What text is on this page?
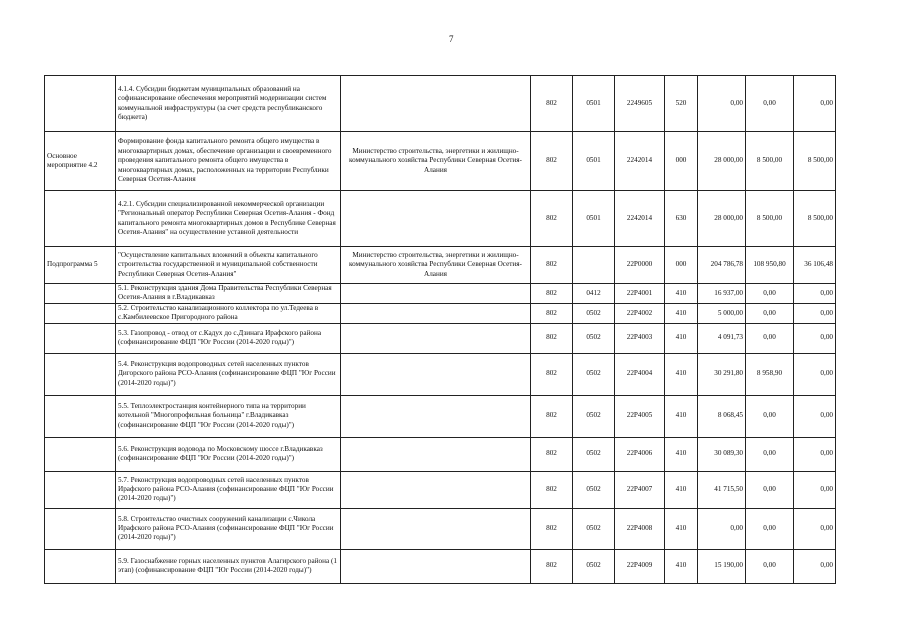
7
	4.1.4. Субсидии бюджетам муниципальных образований на софинансирование обеспечения мероприятий модернизации систем коммунальной инфраструктуры (за счет средств республиканского бюджета)		802	0501	2249605	520	0,00	0,00	0,00
Основное мероприятие 4.2	Формирование фонда капитального ремонта общего имущества в многоквартирных домах, обеспечение организации и своевременного проведения капитального ремонта общего имущества в многоквартирных домах, расположенных на территории Республики Северная Осетия-Алания	Министерство строительства, энергетики и жилищно-коммунального хозяйства Республики Северная Осетия-Алания	802	0501	2242014	000	28 000,00	8 500,00	8 500,00
	4.2.1. Субсидии специализированной некоммерческой организации "Региональный оператор Республики Северная Осетия-Алания - Фонд капитального ремонта многоквартирных домов в Республике Северная Осетия-Алания" на осуществление уставной деятельности		802	0501	2242014	630	28 000,00	8 500,00	8 500,00
Подпрограмма 5	"Осуществление капитальных вложений в объекты капитального строительства государственной и муниципальной собственности Республики Северная Осетия-Алания"	Министерство строительства, энергетики и жилищно-коммунального хозяйства Республики Северная Осетия-Алания	802		22P0000	000	204 786,78	108 950,80	36 106,48
	5.1. Реконструкция здания Дома Правительства Республики Северная Осетия-Алания в г.Владикавказ		802	0412	22P4001	410	16 937,00	0,00	0,00
	5.2. Строительство канализационного коллектора по ул.Тедеева в с.Камбилеевское Пригородного района		802	0502	22P4002	410	5 000,00	0,00	0,00
	5.3. Газопровод - отвод от с.Кадух до с.Дзинага Ирафского района (софинансирование ФЦП "Юг России (2014-2020 годы)")		802	0502	22P4003	410	4 091,73	0,00	0,00
	5.4. Реконструкция водопроводных сетей населенных пунктов Дигорского района РСО-Алания (софинансирование ФЦП "Юг России (2014-2020 годы)")		802	0502	22P4004	410	30 291,80	8 958,90	0,00
	5.5. Теплоэлектростанция контейнерного типа на территории котельной "Многопрофильная больница" г.Владикавказ (софинансирование ФЦП "Юг России (2014-2020 годы)")		802	0502	22P4005	410	8 068,45	0,00	0,00
	5.6. Реконструкция водовода по Московскому шоссе г.Владикавказ (софинансирование ФЦП "Юг России (2014-2020 годы)")		802	0502	22P4006	410	30 089,30	0,00	0,00
	5.7. Реконструкция водопроводных сетей населенных пунктов Ирафского района РСО-Алания (софинансирование ФЦП "Юг России (2014-2020 годы)")		802	0502	22P4007	410	41 715,50	0,00	0,00
	5.8. Строительство очистных сооружений канализации с.Чикола Ирафского района РСО-Алания (софинансирование ФЦП "Юг России (2014-2020 годы)")		802	0502	22P4008	410	0,00	0,00	0,00
	5.9. Газоснабжение горных населенных пунктов Алагирского района (1 этап) (софинансирование ФЦП "Юг России (2014-2020 годы)")		802	0502	22P4009	410	15 190,00	0,00	0,00
